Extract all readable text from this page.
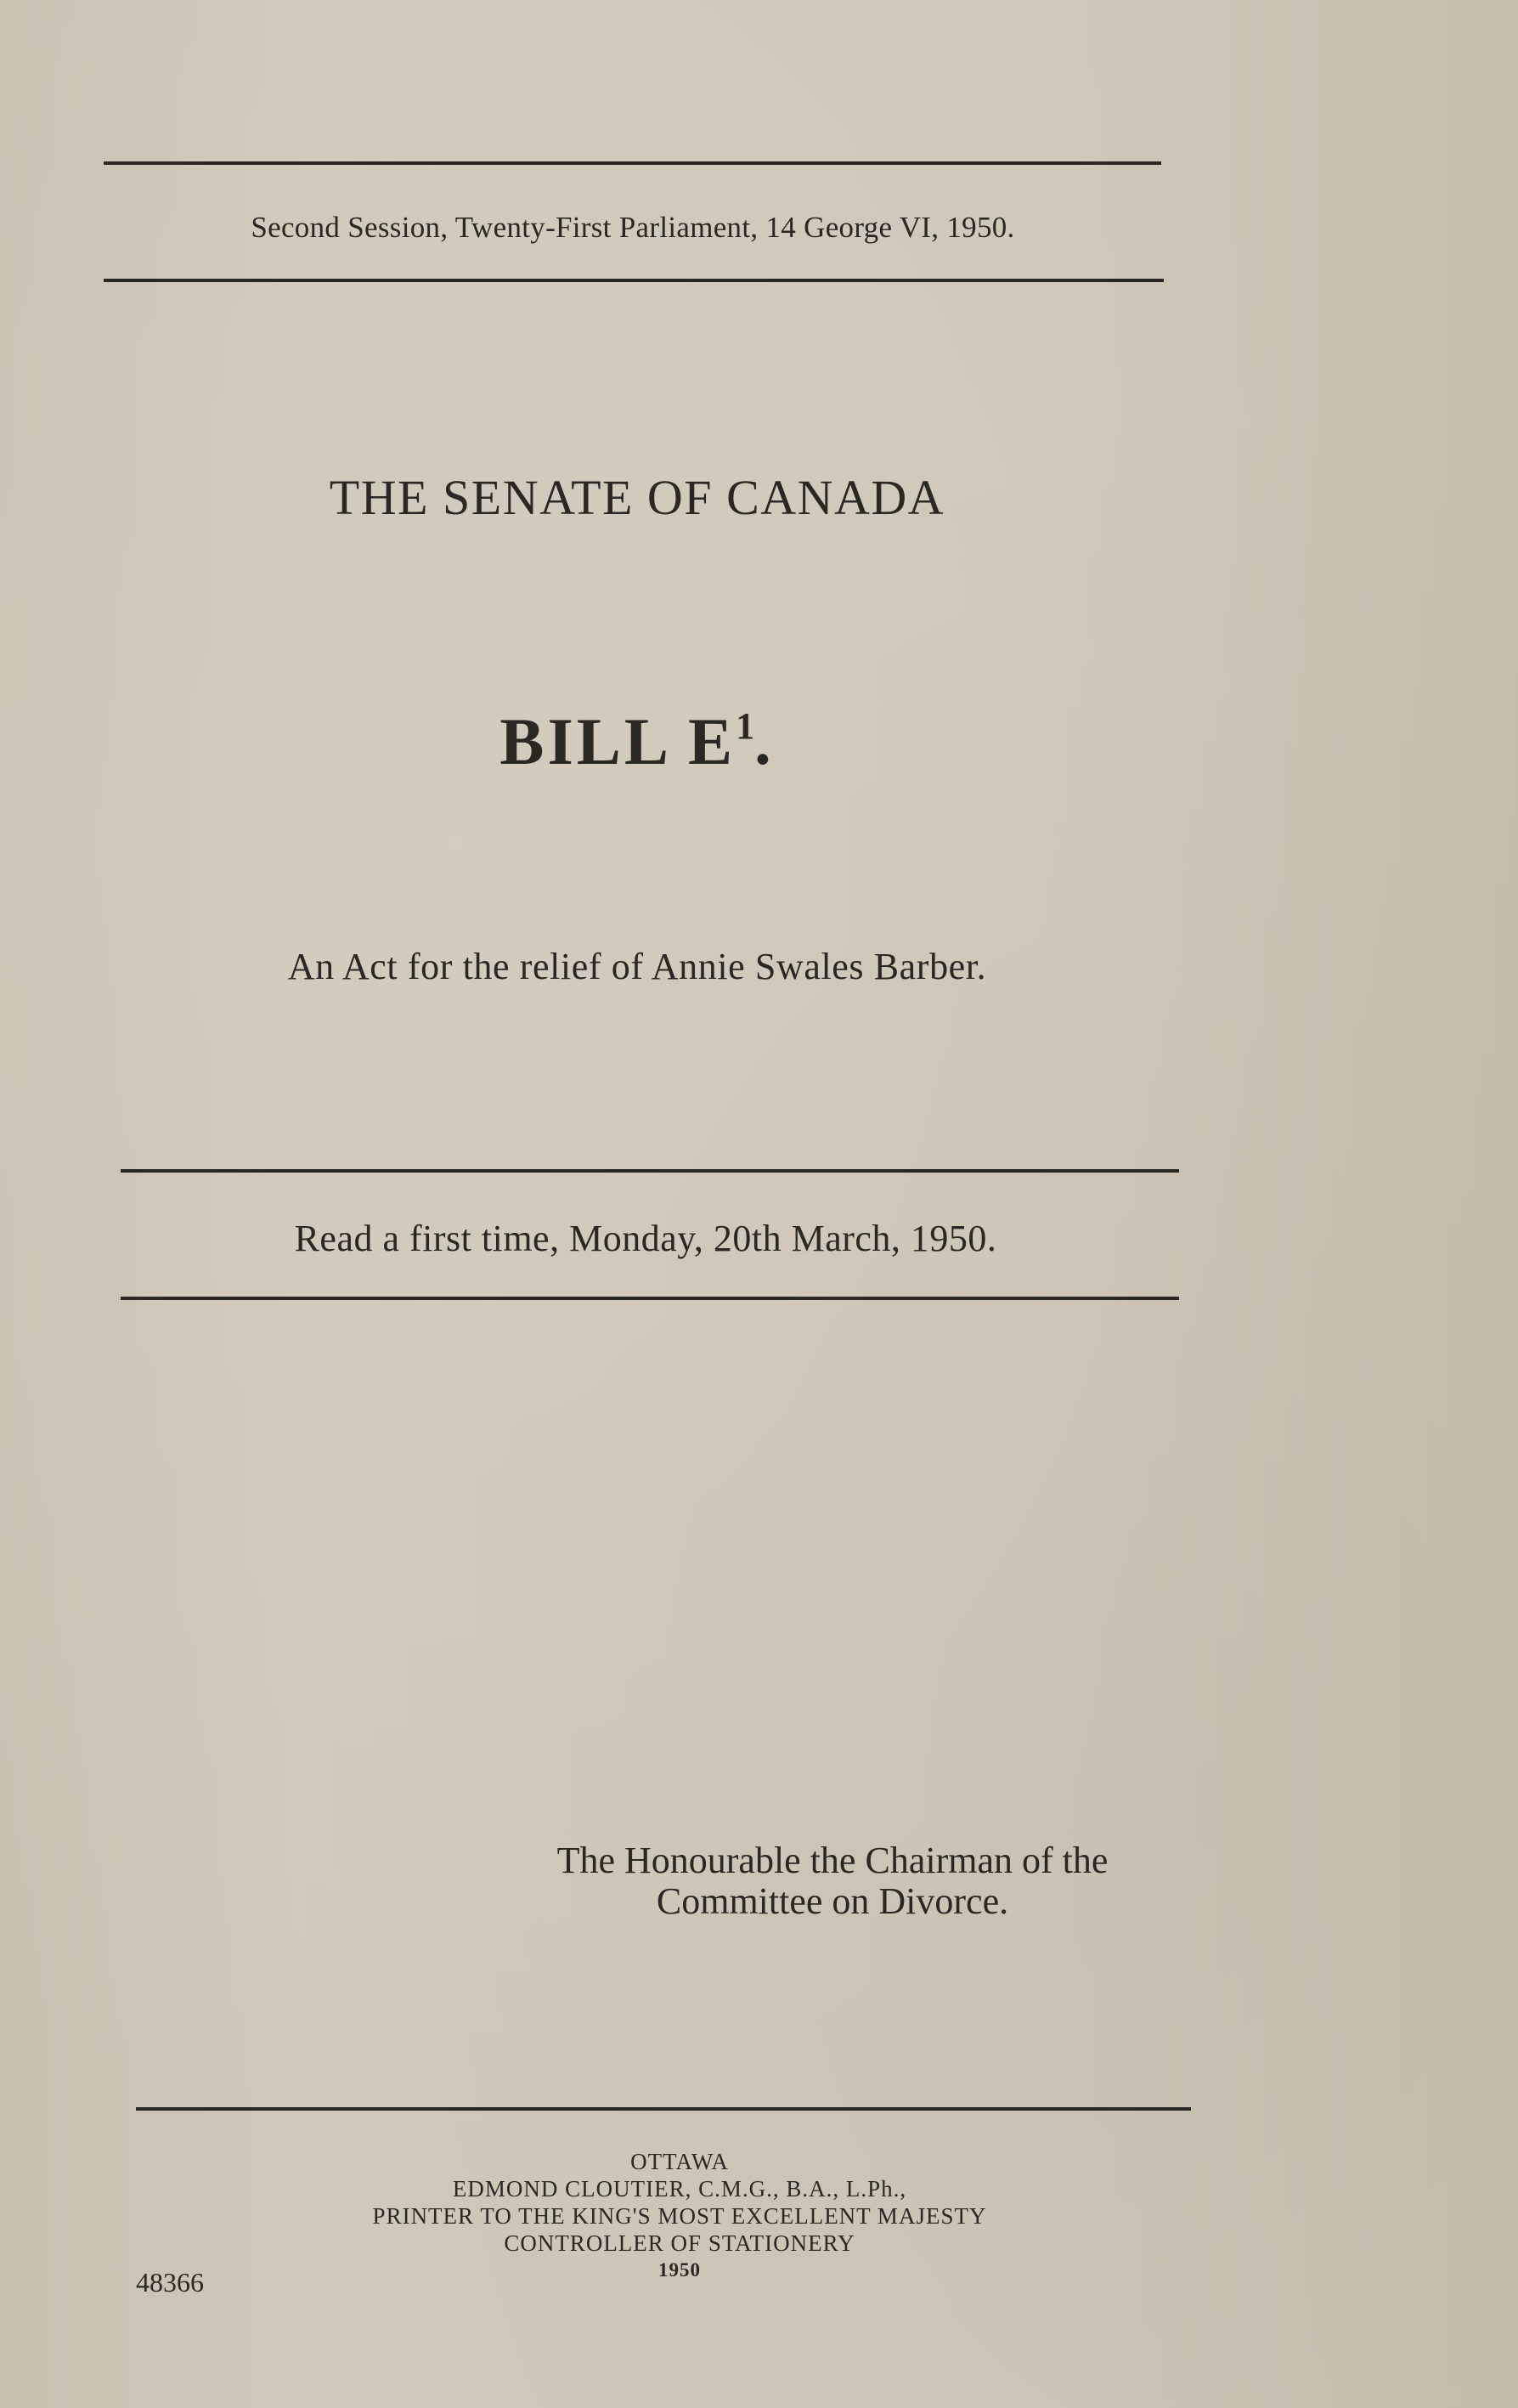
Second Session, Twenty-First Parliament, 14 George VI, 1950.
THE SENATE OF CANADA
BILL $E^1$.
An Act for the relief of Annie Swales Barber.
Read a first time, Monday, 20th March, 1950.
The Honourable the Chairman of the
Committee on Divorce.
OTTAWA
EDMOND CLOUTIER, C.M.G., B.A., L.Ph.,
PRINTER TO THE KING'S MOST EXCELLENT MAJESTY
CONTROLLER OF STATIONERY
1950
48366
